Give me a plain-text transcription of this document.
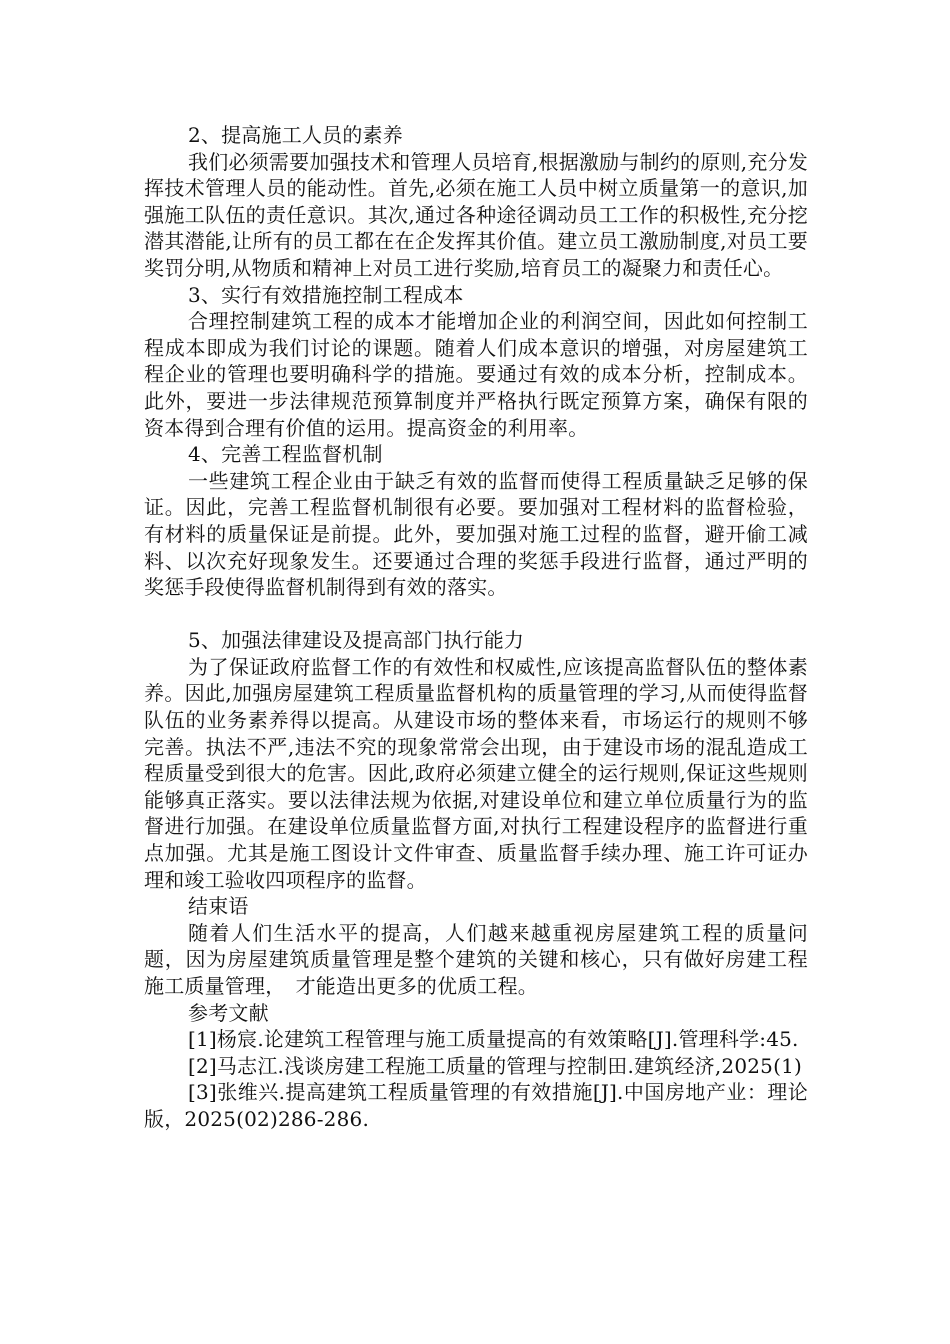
2、提高施工人员的素养

我们必须需要加强技术和管理人员培育,根据激励与制约的原则,充分发挥技术管理人员的能动性。首先,必须在施工人员中树立质量第一的意识,加强施工队伍的责任意识。其次,通过各种途径调动员工工作的积极性,充分挖潜其潜能,让所有的员工都在在企发挥其价值。建立员工激励制度,对员工要奖罚分明,从物质和精神上对员工进行奖励,培育员工的凝聚力和责任心。

3、实行有效措施控制工程成本

合理控制建筑工程的成本才能增加企业的利润空间，因此如何控制工程成本即成为我们讨论的课题。随着人们成本意识的增强，对房屋建筑工程企业的管理也要明确科学的措施。要通过有效的成本分析，控制成本。此外，要进一步法律规范预算制度并严格执行既定预算方案，确保有限的资本得到合理有价值的运用。提高资金的利用率。

4、完善工程监督机制

一些建筑工程企业由于缺乏有效的监督而使得工程质量缺乏足够的保证。因此，完善工程监督机制很有必要。要加强对工程材料的监督检验，有材料的质量保证是前提。此外，要加强对施工过程的监督，避开偷工减料、以次充好现象发生。还要通过合理的奖惩手段进行监督，通过严明的奖惩手段使得监督机制得到有效的落实。

5、加强法律建设及提高部门执行能力

为了保证政府监督工作的有效性和权威性,应该提高监督队伍的整体素养。因此,加强房屋建筑工程质量监督机构的质量管理的学习,从而使得监督队伍的业务素养得以提高。从建设市场的整体来看，市场运行的规则不够完善。执法不严,违法不究的现象常常会出现，由于建设市场的混乱造成工程质量受到很大的危害。因此,政府必须建立健全的运行规则,保证这些规则能够真正落实。要以法律法规为依据,对建设单位和建立单位质量行为的监督进行加强。在建设单位质量监督方面,对执行工程建设程序的监督进行重点加强。尤其是施工图设计文件审查、质量监督手续办理、施工许可证办理和竣工验收四项程序的监督。

结束语

随着人们生活水平的提高，人们越来越重视房屋建筑工程的质量问题，因为房屋建筑质量管理是整个建筑的关键和核心，只有做好房建工程施工质量管理，　才能造出更多的优质工程。

参考文献

[1]杨宸.论建筑工程管理与施工质量提高的有效策略[J].管理科学:45.

[2]马志江.浅谈房建工程施工质量的管理与控制田.建筑经济,2025(1)

[3]张维兴.提高建筑工程质量管理的有效措施[J].中国房地产业：理论版，2025(02)286-286.
